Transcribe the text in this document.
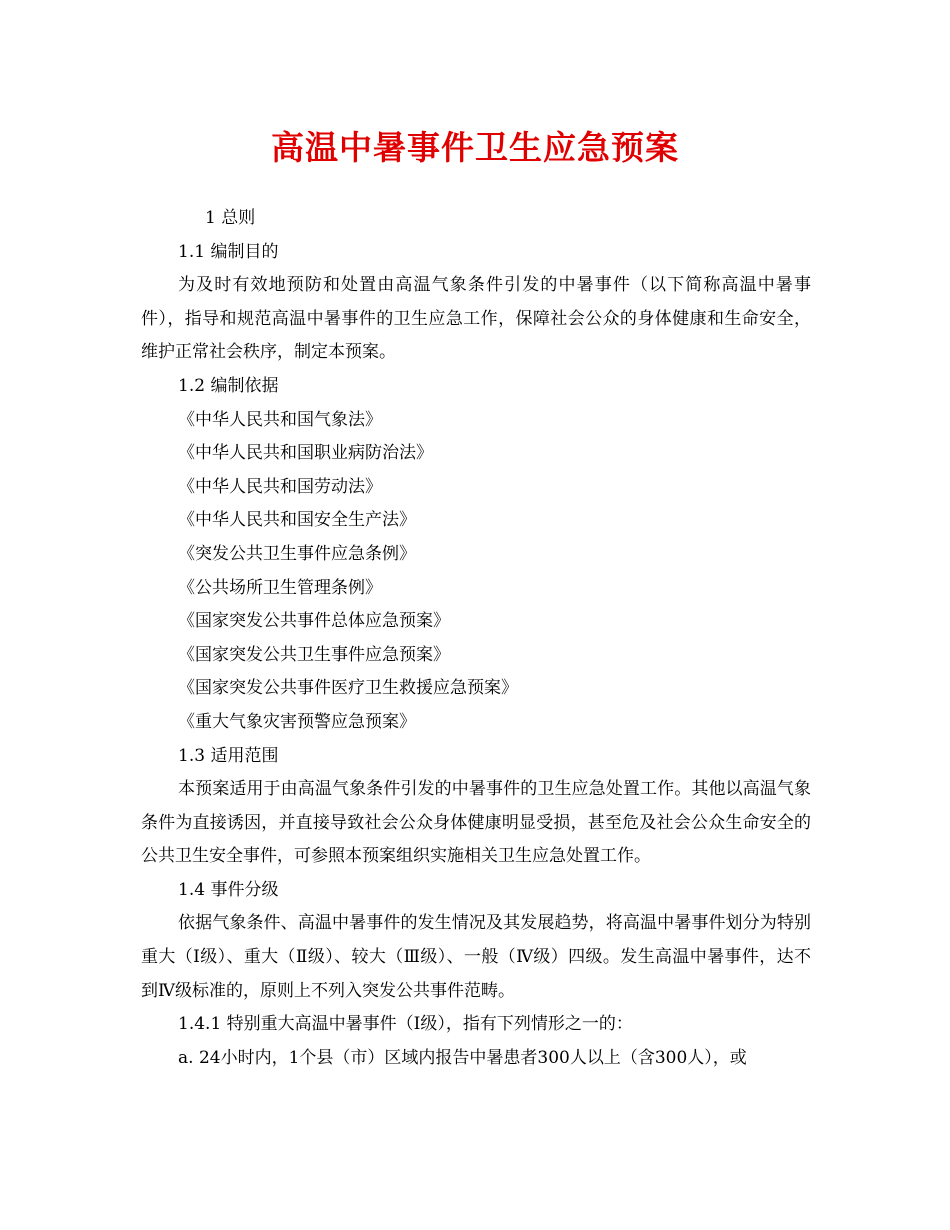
高温中暑事件卫生应急预案

1 总则

1.1 编制目的

为及时有效地预防和处置由高温气象条件引发的中暑事件（以下简称高温中暑事件），指导和规范高温中暑事件的卫生应急工作，保障社会公众的身体健康和生命安全，维护正常社会秩序，制定本预案。

1.2 编制依据

《中华人民共和国气象法》

《中华人民共和国职业病防治法》

《中华人民共和国劳动法》

《中华人民共和国安全生产法》

《突发公共卫生事件应急条例》

《公共场所卫生管理条例》

《国家突发公共事件总体应急预案》

《国家突发公共卫生事件应急预案》

《国家突发公共事件医疗卫生救援应急预案》

《重大气象灾害预警应急预案》

1.3 适用范围

本预案适用于由高温气象条件引发的中暑事件的卫生应急处置工作。其他以高温气象条件为直接诱因，并直接导致社会公众身体健康明显受损，甚至危及社会公众生命安全的公共卫生安全事件，可参照本预案组织实施相关卫生应急处置工作。

1.4 事件分级

依据气象条件、高温中暑事件的发生情况及其发展趋势，将高温中暑事件划分为特别重大（Ⅰ级）、重大（Ⅱ级）、较大（Ⅲ级）、一般（Ⅳ级）四级。发生高温中暑事件，达不到Ⅳ级标准的，原则上不列入突发公共事件范畴。

1.4.1 特别重大高温中暑事件（Ⅰ级），指有下列情形之一的：

a. 24小时内，1个县（市）区域内报告中暑患者300人以上（含300人），或
